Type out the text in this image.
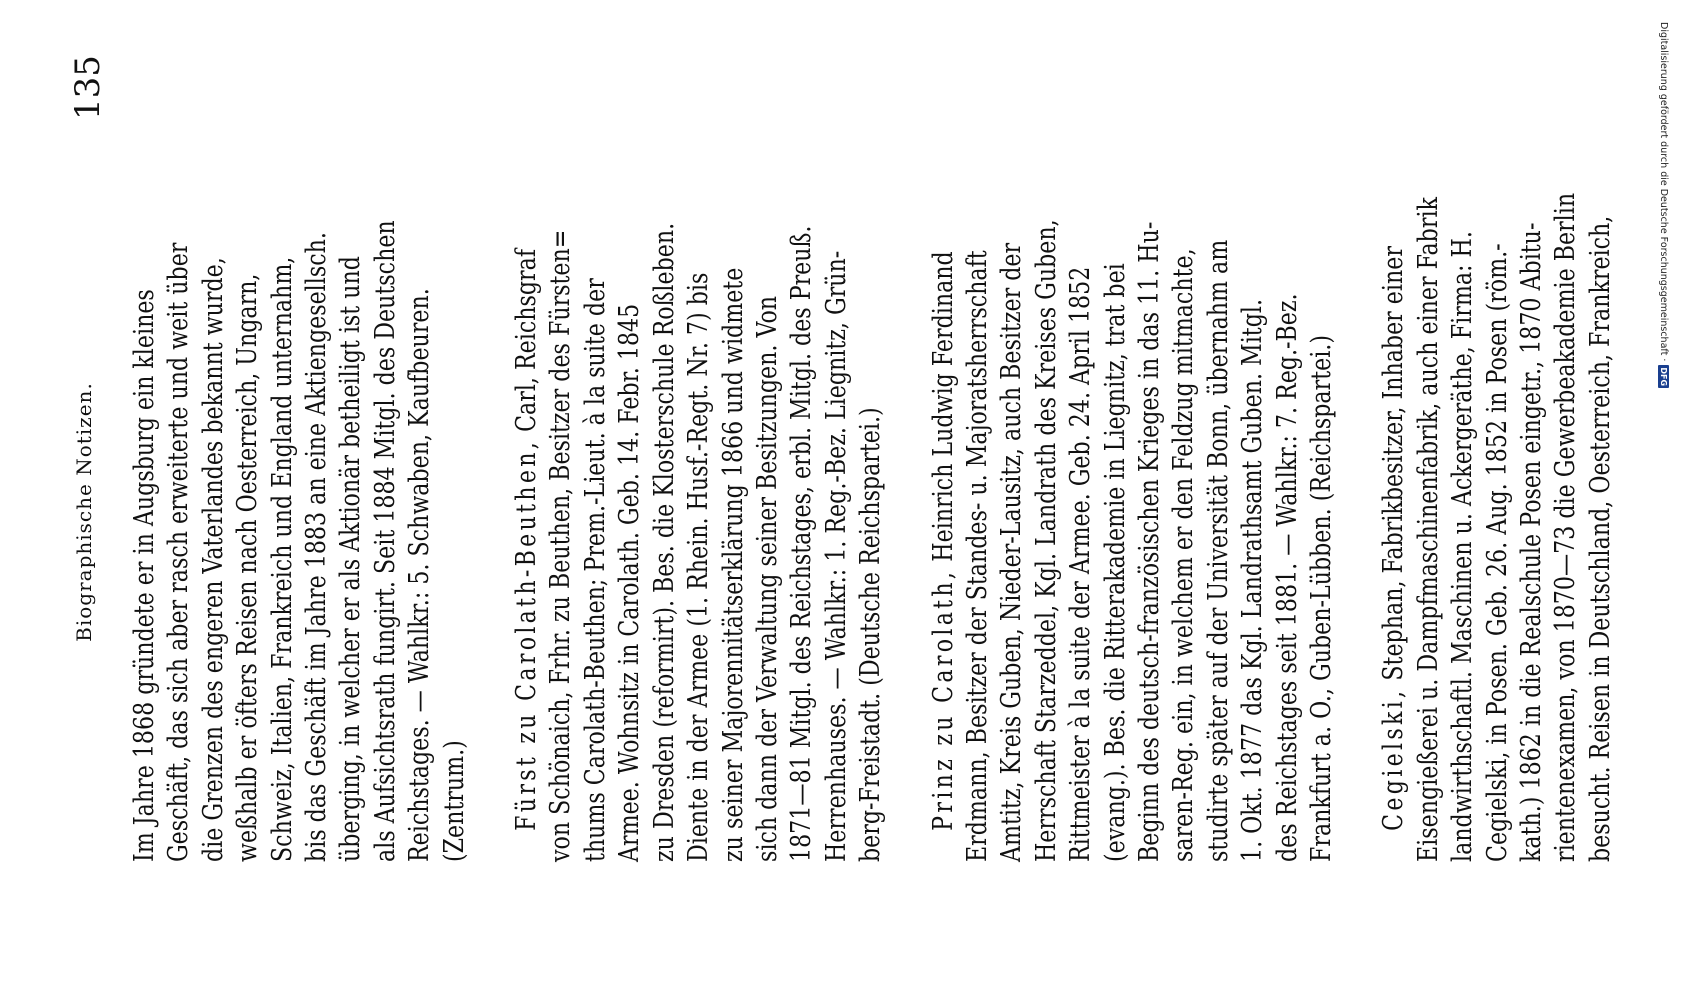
Biographische Notizen.
135
Im Jahre 1868 gründete er in Augsburg ein kleines Geschäft, das sich aber rasch erweiterte und weit über die Grenzen des engeren Vaterlandes bekannt wurde, weßhalb er öfters Reisen nach Oesterreich, Ungarn, Schweiz, Italien, Frankreich und England unternahm, bis das Geschäft im Jahre 1883 an eine Aktiengesellsch. überging, in welcher er als Aktionär betheiligt ist und als Aufsichtsrath fungirt. Seit 1884 Mitgl. des Deutschen Reichstages. — Wahlkr.: 5. Schwaben, Kaufbeuren. (Zentrum.) Fürst zu Carolath-Beuthen, Carl, Reichsgraf von Schönaich, Frhr. zu Beuthen, Besitzer des Fürsten= thums Carolath-Beuthen; Prem.-Lieut. à la suite der Armee. Wohnsitz in Carolath. Geb. 14. Febr. 1845 zu Dresden (reformirt). Bes. die Klosterschule Roßleben. Diente in der Armee (1. Rhein. Husf.-Regt. Nr. 7) bis zu seiner Majorennitätserklärung 1866 und widmete sich dann der Verwaltung seiner Besitzungen. Von 1871—81 Mitgl. des Reichstages, erbl. Mitgl. des Preuß. Herrenhauses. — Wahlkr.: 1. Reg.-Bez. Liegnitz, Grün- berg-Freistadt. (Deutsche Reichspartei.) Prinz zu Carolath, Heinrich Ludwig Ferdinand Erdmann, Besitzer der Standes- u. Majoratsherrschaft Amtitz, Kreis Guben, Nieder-Lausitz, auch Besitzer der Herrschaft Starzeddel, Kgl. Landrath des Kreises Guben, Rittmeister à la suite der Armee. Geb. 24. April 1852 (evang.). Bes. die Ritterakademie in Liegnitz, trat bei Beginn des deutsch-französischen Krieges in das 11. Hu- saren-Reg. ein, in welchem er den Feldzug mitmachte, studirte später auf der Universität Bonn, übernahm am 1. Okt. 1877 das Kgl. Landrathsamt Guben. Mitgl. des Reichstages seit 1881. — Wahlkr.: 7. Reg.-Bez. Frankfurt a. O., Guben-Lübben. (Reichspartei.) Cegielski, Stephan, Fabrikbesitzer, Inhaber einer Eisengießerei u. Dampfmaschinenfabrik, auch einer Fabrik landwirthschaftl. Maschinen u. Ackergeräthe, Firma: H. Cegielski, in Posen. Geb. 26. Aug. 1852 in Posen (röm.- kath.) 1862 in die Realschule Posen eingetr., 1870 Abitu- rientenexamen, von 1870—73 die Gewerbeakademie Berlin besucht. Reisen in Deutschland, Oesterreich, Frankreich,
Digitalisierung gefördert durch die Deutsche Forschungsgemeinschaft ·
DFG
